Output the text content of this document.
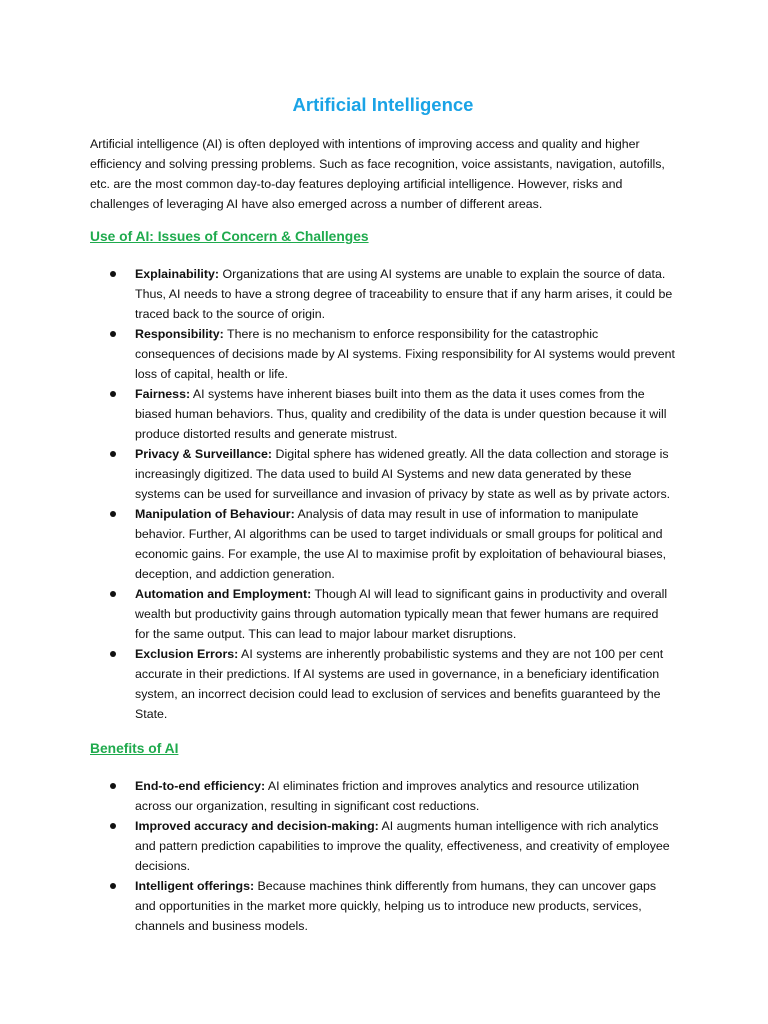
Artificial Intelligence

Artificial intelligence (AI) is often deployed with intentions of improving access and quality and higher efficiency and solving pressing problems. Such as face recognition, voice assistants, navigation, autofills, etc. are the most common day-to-day features deploying artificial intelligence. However, risks and challenges of leveraging AI have also emerged across a number of different areas.

Use of AI: Issues of Concern & Challenges
Explainability: Organizations that are using AI systems are unable to explain the source of data. Thus, AI needs to have a strong degree of traceability to ensure that if any harm arises, it could be traced back to the source of origin.
Responsibility: There is no mechanism to enforce responsibility for the catastrophic consequences of decisions made by AI systems. Fixing responsibility for AI systems would prevent loss of capital, health or life.
Fairness: AI systems have inherent biases built into them as the data it uses comes from the biased human behaviors. Thus, quality and credibility of the data is under question because it will produce distorted results and generate mistrust.
Privacy & Surveillance: Digital sphere has widened greatly. All the data collection and storage is increasingly digitized. The data used to build AI Systems and new data generated by these systems can be used for surveillance and invasion of privacy by state as well as by private actors.
Manipulation of Behaviour: Analysis of data may result in use of information to manipulate behavior. Further, AI algorithms can be used to target individuals or small groups for political and economic gains. For example, the use AI to maximise profit by exploitation of behavioural biases, deception, and addiction generation.
Automation and Employment: Though AI will lead to significant gains in productivity and overall wealth but productivity gains through automation typically mean that fewer humans are required for the same output. This can lead to major labour market disruptions.
Exclusion Errors: AI systems are inherently probabilistic systems and they are not 100 per cent accurate in their predictions. If AI systems are used in governance, in a beneficiary identification system, an incorrect decision could lead to exclusion of services and benefits guaranteed by the State.
Benefits of AI
End-to-end efficiency: AI eliminates friction and improves analytics and resource utilization across our organization, resulting in significant cost reductions.
Improved accuracy and decision-making: AI augments human intelligence with rich analytics and pattern prediction capabilities to improve the quality, effectiveness, and creativity of employee decisions.
Intelligent offerings: Because machines think differently from humans, they can uncover gaps and opportunities in the market more quickly, helping us to introduce new products, services, channels and business models.
